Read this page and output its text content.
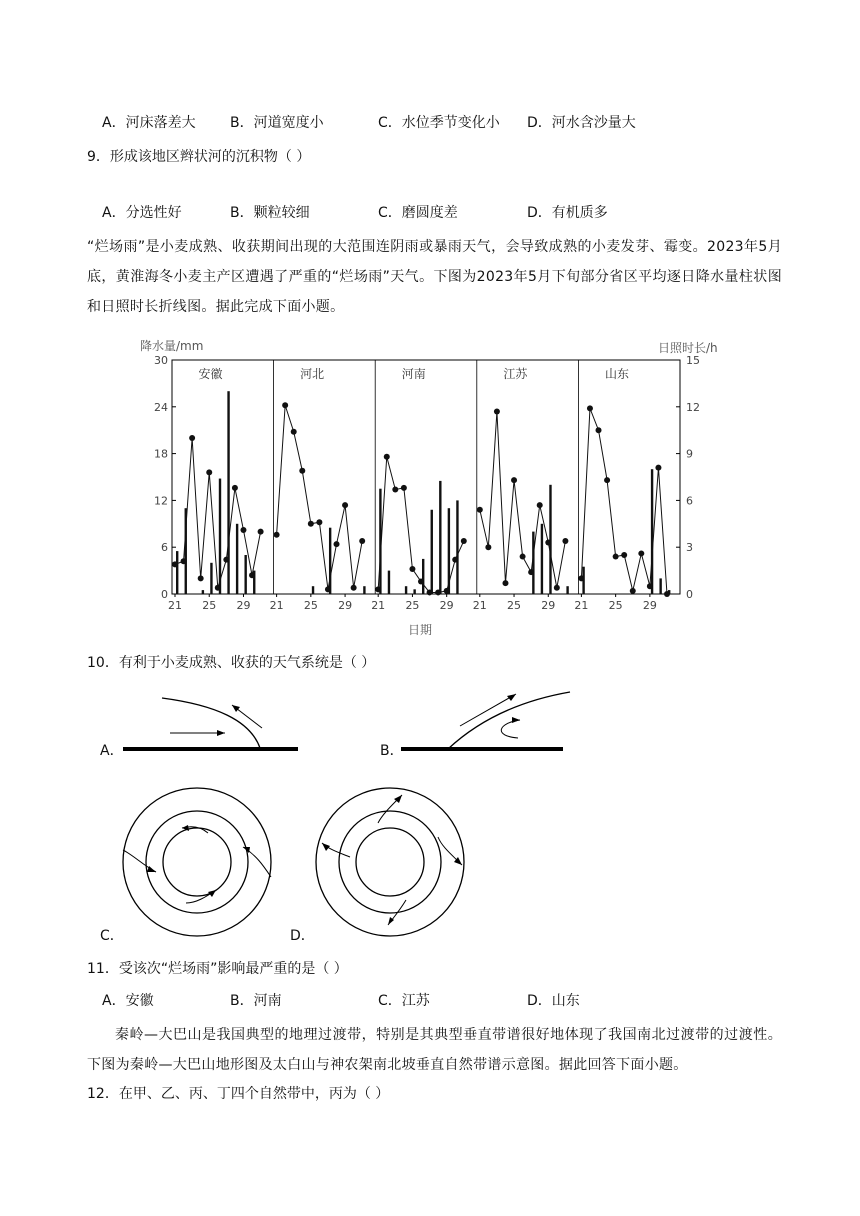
A．河床落差大 B．河道宽度小	C．水位季节变化小 D．河水含沙量大
9．形成该地区辫状河的沉积物（ ）
A．分选性好	B．颗粒较细	C．磨圆度差	D．有机质多
“烂场雨”是小麦成熟、收获期间出现的大范围连阴雨或暴雨天气，会导致成熟的小麦发芽、霉变。2023年5月底，黄淮海冬小麦主产区遭遇了严重的“烂场雨”天气。下图为2023年5月下旬部分省区平均逐日降水量柱状图和日照时长折线图。据此完成下面小题。
0
6
12
18
24
30
0
3
6
9
12
15
降水量/mm	日照时长/h
日期
安徽
21 25 29
河北
21 25 29
河南
21 25 29
江苏
21 25 29
山东
21 25 29
10．有利于小麦成熟、收获的天气系统是（ ）
A．	B．
C．	D．
11．受该次“烂场雨”影响最严重的是（ ）
A．安徽	B．河南	C．江苏	D．山东
秦岭—大巴山是我国典型的地理过渡带，特别是其典型垂直带谱很好地体现了我国南北过渡带的过渡性。下图为秦岭—大巴山地形图及太白山与神农架南北坡垂直自然带谱示意图。据此回答下面小题。
12．在甲、乙、丙、丁四个自然带中，丙为（ ）
